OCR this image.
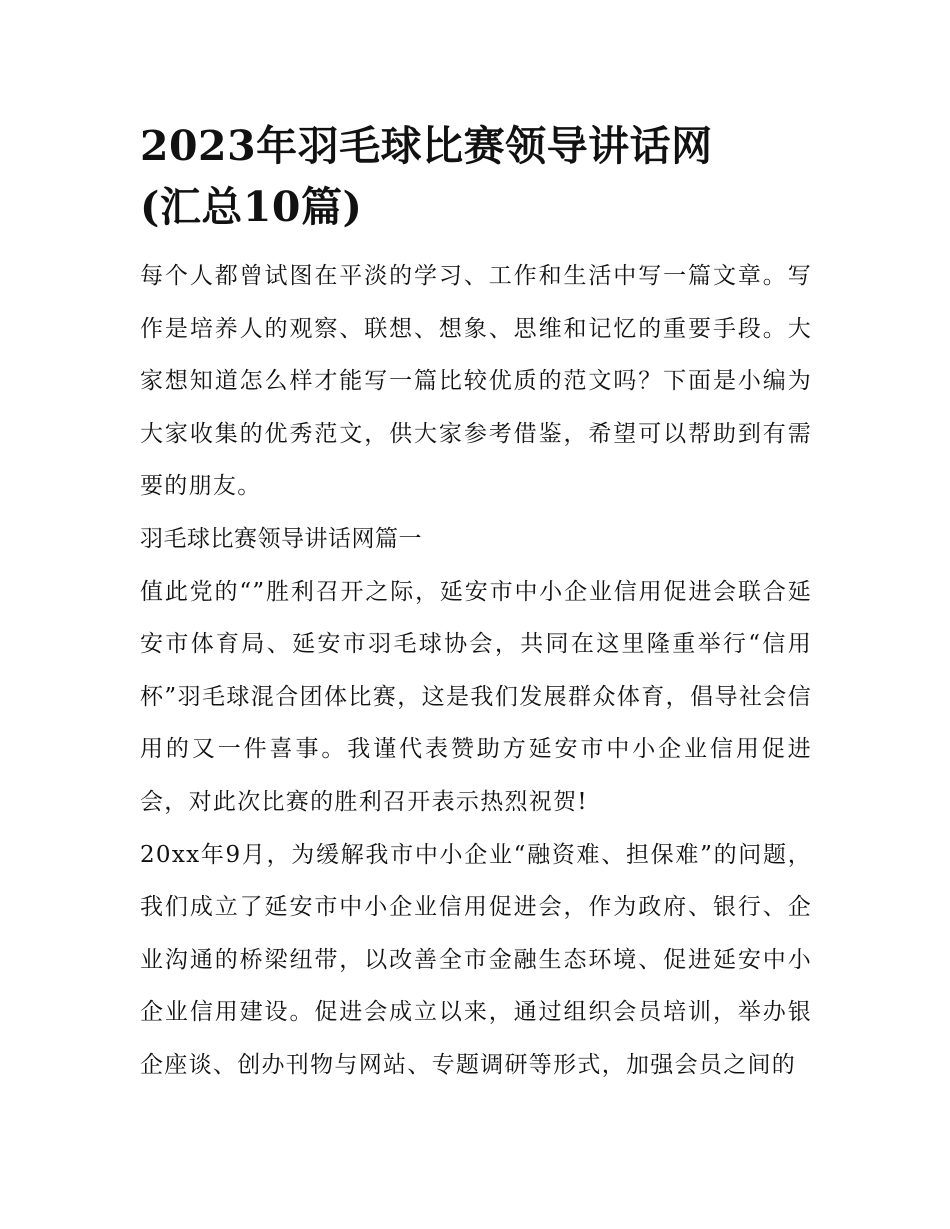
2023年羽毛球比赛领导讲话网
(汇总10篇)

每个人都曾试图在平淡的学习、工作和生活中写一篇文章。写作是培养人的观察、联想、想象、思维和记忆的重要手段。大家想知道怎么样才能写一篇比较优质的范文吗？下面是小编为大家收集的优秀范文，供大家参考借鉴，希望可以帮助到有需要的朋友。

羽毛球比赛领导讲话网篇一

值此党的“”胜利召开之际，延安市中小企业信用促进会联合延安市体育局、延安市羽毛球协会，共同在这里隆重举行“信用杯”羽毛球混合团体比赛，这是我们发展群众体育，倡导社会信用的又一件喜事。我谨代表赞助方延安市中小企业信用促进会，对此次比赛的胜利召开表示热烈祝贺!

20xx年9月，为缓解我市中小企业“融资难、担保难”的问题，我们成立了延安市中小企业信用促进会，作为政府、银行、企业沟通的桥梁纽带，以改善全市金融生态环境、促进延安中小企业信用建设。促进会成立以来，通过组织会员培训，举办银企座谈、创办刊物与网站、专题调研等形式，加强会员之间的
